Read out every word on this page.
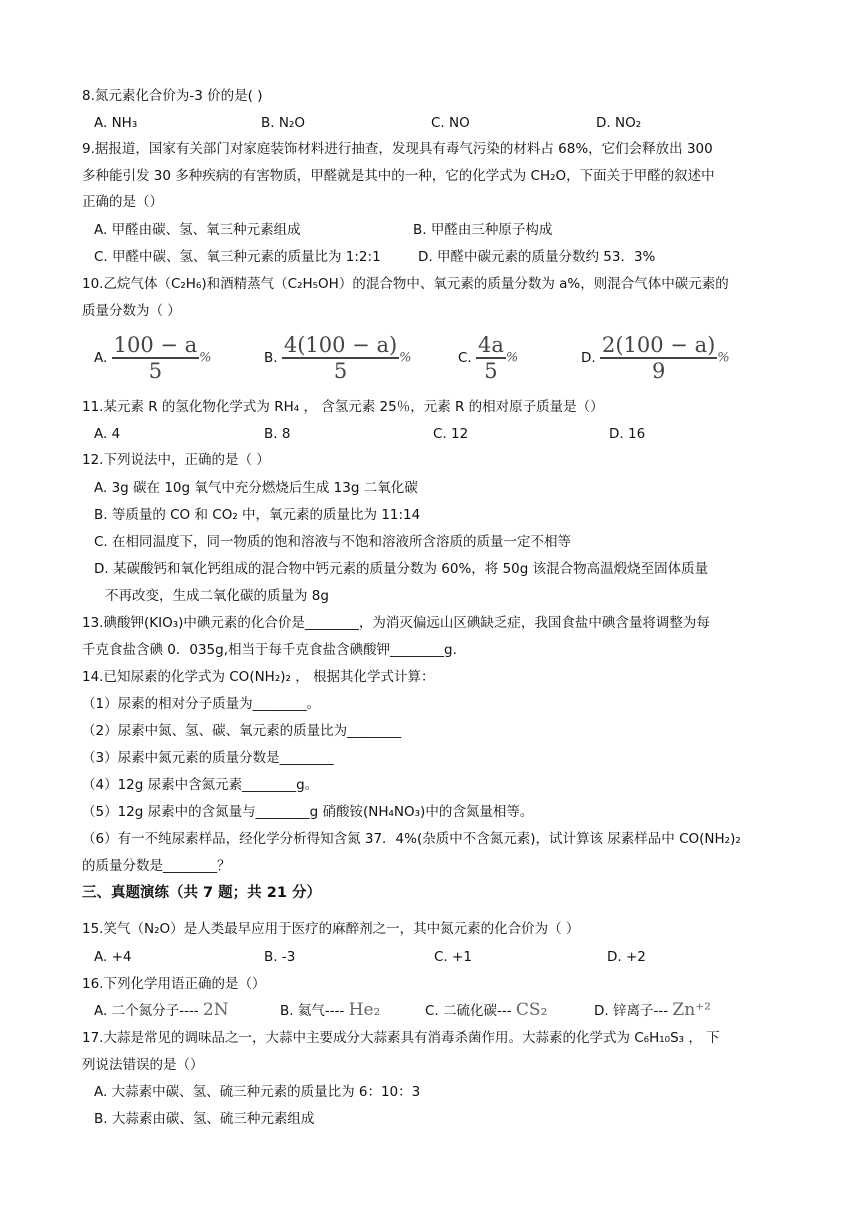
8.氮元素化合价为-3 价的是( )
A. NH₃	B. N₂O	C. NO	D. NO₂
9.据报道，国家有关部门对家庭装饰材料进行抽查，发现具有毒气污染的材料占 68%，它们会释放出 300
多种能引发 30 多种疾病的有害物质，甲醛就是其中的一种，它的化学式为 CH₂O，下面关于甲醛的叙述中
正确的是（）
A. 甲醛由碳、氢、氧三种元素组成	B. 甲醛由三种原子构成
C. 甲醛中碳、氢、氧三种元素的质量比为 1:2:1	D. 甲醛中碳元素的质量分数约 53．3%
10.乙烷气体（C₂H₆)和酒精蒸气（C₂H₅OH）的混合物中、氧元素的质量分数为 a%，则混合气体中碳元素的
质量分数为（ ）
A. $\frac{100 - a}{5}$ %	B. $\frac{4(100 - a)}{5}$ %	C. $\frac{4a}{5}$ %	D. $\frac{2(100 - a)}{9}$ %
11.某元素 R 的氢化物化学式为 RH₄ ， 含氢元素 25％，元素 R 的相对原子质量是（）
A. 4	B. 8	C. 12	D. 16
12.下列说法中，正确的是（ ）
A. 3g 碳在 10g 氧气中充分燃烧后生成 13g 二氧化碳
B. 等质量的 CO 和 CO₂ 中，氧元素的质量比为 11:14
C. 在相同温度下，同一物质的饱和溶液与不饱和溶液所含溶质的质量一定不相等
D. 某碳酸钙和氧化钙组成的混合物中钙元素的质量分数为 60%，将 50g 该混合物高温煅烧至固体质量
不再改变，生成二氧化碳的质量为 8g
13.碘酸钾(KIO₃)中碘元素的化合价是________，为消灭偏远山区碘缺乏症，我国食盐中碘含量将调整为每
千克食盐含碘 0．035g,相当于每千克食盐含碘酸钾________g.
14.已知尿素的化学式为 CO(NH₂)₂ ， 根据其化学式计算：
（1）尿素的相对分子质量为________。
（2）尿素中氮、氢、碳、氧元素的质量比为________
（3）尿素中氮元素的质量分数是________
（4）12g 尿素中含氮元素________g。
（5）12g 尿素中的含氮量与________g 硝酸铵(NH₄NO₃)中的含氮量相等。
（6）有一不纯尿素样品，经化学分析得知含氮 37．4%(杂质中不含氮元素)，试计算该 尿素样品中 CO(NH₂)₂
的质量分数是________？
三、真题演练（共 7 题；共 21 分）
15.笑气（N₂O）是人类最早应用于医疗的麻醉剂之一，其中氮元素的化合价为（ ）
A. +4	B. -3	C. +1	D. +2
16.下列化学用语正确的是（）
A. 二个氮分子---- 2N	B. 氦气---- He₂	C. 二硫化碳--- CS₂	D. 锌离子--- Zn⁺²
17.大蒜是常见的调味品之一，大蒜中主要成分大蒜素具有消毒杀菌作用。大蒜素的化学式为 C₆H₁₀S₃ ， 下
列说法错误的是（）
A. 大蒜素中碳、氢、硫三种元素的质量比为 6：10：3
B. 大蒜素由碳、氢、硫三种元素组成
